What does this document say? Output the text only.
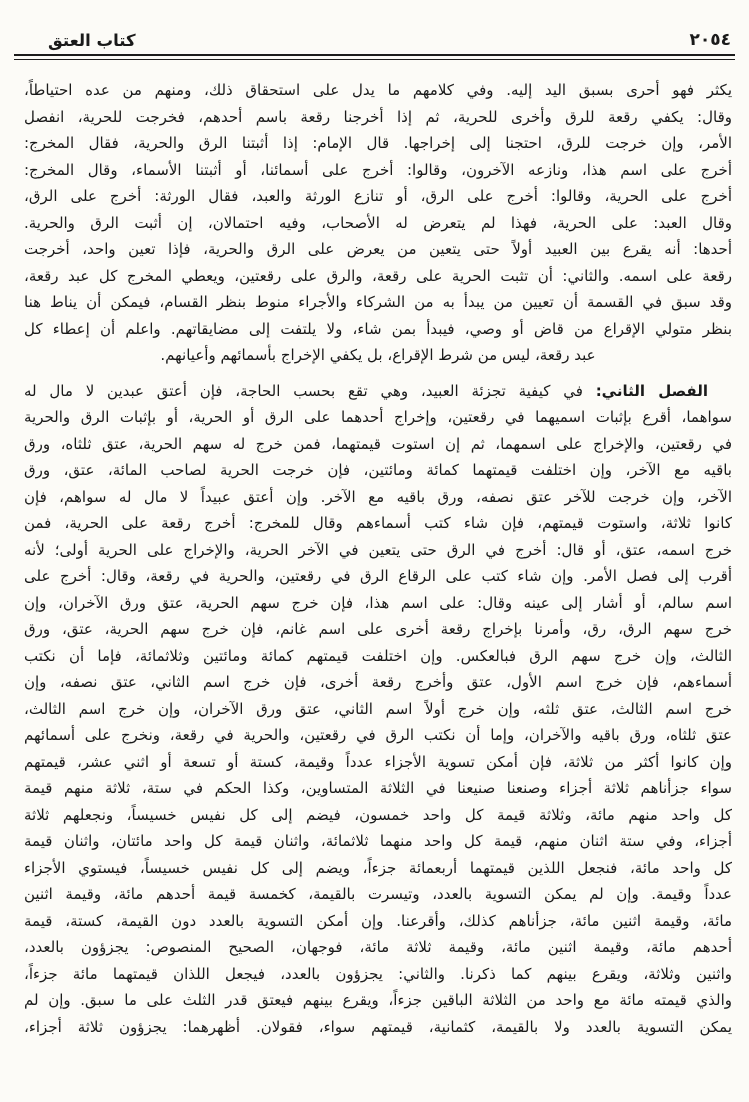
٢٠٥٤
كتاب العتق
يكثر فهو أحرى بسبق اليد إليه. وفي كلامهم ما يدل على استحقاق ذلك، ومنهم من عده احتياطاً،
وقال: يكفي رقعة للرق وأخرى للحرية، ثم إذا أخرجنا رقعة باسم أحدهم، فخرجت للحرية، انفصل
الأمر، وإن خرجت للرق، احتجنا إلى إخراجها. قال الإمام: إذا أثبتنا الرق والحرية، فقال المخرج:
أخرج على اسم هذا، ونازعه الآخرون، وقالوا: أخرج على أسمائنا، أو أثبتنا الأسماء، وقال المخرج:
أخرج على الحرية، وقالوا: أخرج على الرق، أو تنازع الورثة والعبد، فقال الورثة: أخرج على الرق،
وقال العبد: على الحرية، فهذا لم يتعرض له الأصحاب، وفيه احتمالان، إن أثبت الرق والحرية.
أحدها: أنه يقرع بين العبيد أولاً حتى يتعين من يعرض على الرق والحرية، فإذا تعين واحد، أخرجت
رقعة على اسمه. والثاني: أن تثبت الحرية على رقعة، والرق على رقعتين، ويعطي المخرج كل عبد رقعة،
وقد سبق في القسمة أن تعيين من يبدأ به من الشركاء والأجراء منوط بنظر القسام، فيمكن أن يناط هنا
بنظر متولي الإقراع من قاض أو وصي، فيبدأ بمن شاء، ولا يلتفت إلى مضايقاتهم. واعلم أن إعطاء كل
عبد رقعة، ليس من شرط الإقراع، بل يكفي الإخراج بأسمائهم وأعيانهم.
الفصل الثاني: في كيفية تجزئة العبيد، وهي تقع بحسب الحاجة، فإن أعتق عبدين لا مال له
سواهما، أقرع بإثبات اسميهما في رقعتين، وإخراج أحدهما على الرق أو الحرية، أو بإثبات الرق والحرية
في رقعتين، والإخراج على اسمهما، ثم إن استوت قيمتهما، فمن خرج له سهم الحرية، عتق ثلثاه، ورق
باقيه مع الآخر، وإن اختلفت قيمتهما كمائة ومائتين، فإن خرجت الحرية لصاحب المائة، عتق، ورق
الآخر، وإن خرجت للآخر عتق نصفه، ورق باقيه مع الآخر. وإن أعتق عبيداً لا مال له سواهم، فإن
كانوا ثلاثة، واستوت قيمتهم، فإن شاء كتب أسماءهم وقال للمخرج: أخرج رقعة على الحرية، فمن
خرج اسمه، عتق، أو قال: أخرج في الرق حتى يتعين في الآخر الحرية، والإخراج على الحرية أولى؛ لأنه
أقرب إلى فصل الأمر. وإن شاء كتب على الرقاع الرق في رقعتين، والحرية في رقعة، وقال: أخرج على
اسم سالم، أو أشار إلى عينه وقال: على اسم هذا، فإن خرج سهم الحرية، عتق ورق الآخران، وإن
خرج سهم الرق، رق، وأمرنا بإخراج رقعة أخرى على اسم غانم، فإن خرج سهم الحرية، عتق، ورق
الثالث، وإن خرج سهم الرق فبالعكس. وإن اختلفت قيمتهم كمائة ومائتين وثلاثمائة، فإما أن نكتب
أسماءهم، فإن خرج اسم الأول، عتق وأخرج رقعة أخرى، فإن خرج اسم الثاني، عتق نصفه، وإن
خرج اسم الثالث، عتق ثلثه، وإن خرج أولاً اسم الثاني، عتق ورق الآخران، وإن خرج اسم الثالث،
عتق ثلثاه، ورق باقيه والآخران، وإما أن نكتب الرق في رقعتين، والحرية في رقعة، ونخرج على أسمائهم
وإن كانوا أكثر من ثلاثة، فإن أمكن تسوية الأجزاء عدداً وقيمة، كستة أو تسعة أو اثني عشر، قيمتهم
سواء جزأناهم ثلاثة أجزاء وصنعنا صنيعنا في الثلاثة المتساوين، وكذا الحكم في ستة، ثلاثة منهم قيمة
كل واحد منهم مائة، وثلاثة قيمة كل واحد خمسون، فيضم إلى كل نفيس خسيساً، ونجعلهم ثلاثة
أجزاء، وفي ستة اثنان منهم، قيمة كل واحد منهما ثلاثمائة، واثنان قيمة كل واحد مائتان، واثنان قيمة
كل واحد مائة، فنجعل اللذين قيمتهما أربعمائة جزءاً، ويضم إلى كل نفيس خسيساً، فيستوي الأجزاء
عدداً وقيمة. وإن لم يمكن التسوية بالعدد، وتيسرت بالقيمة، كخمسة قيمة أحدهم مائة، وقيمة اثنين
مائة، وقيمة اثنين مائة، جزأناهم كذلك، وأقرعنا. وإن أمكن التسوية بالعدد دون القيمة، كستة، قيمة
أحدهم مائة، وقيمة اثنين مائة، وقيمة ثلاثة مائة، فوجهان، الصحيح المنصوص: يجزؤون بالعدد،
واثنين وثلاثة، ويقرع بينهم كما ذكرنا. والثاني: يجزؤون بالعدد، فيجعل اللذان قيمتهما مائة جزءاً،
والذي قيمته مائة مع واحد من الثلاثة الباقين جزءاً، ويقرع بينهم فيعتق قدر الثلث على ما سبق. وإن لم
يمكن التسوية بالعدد ولا بالقيمة، كثمانية، قيمتهم سواء، فقولان. أظهرهما: يجزؤون ثلاثة أجزاء،
